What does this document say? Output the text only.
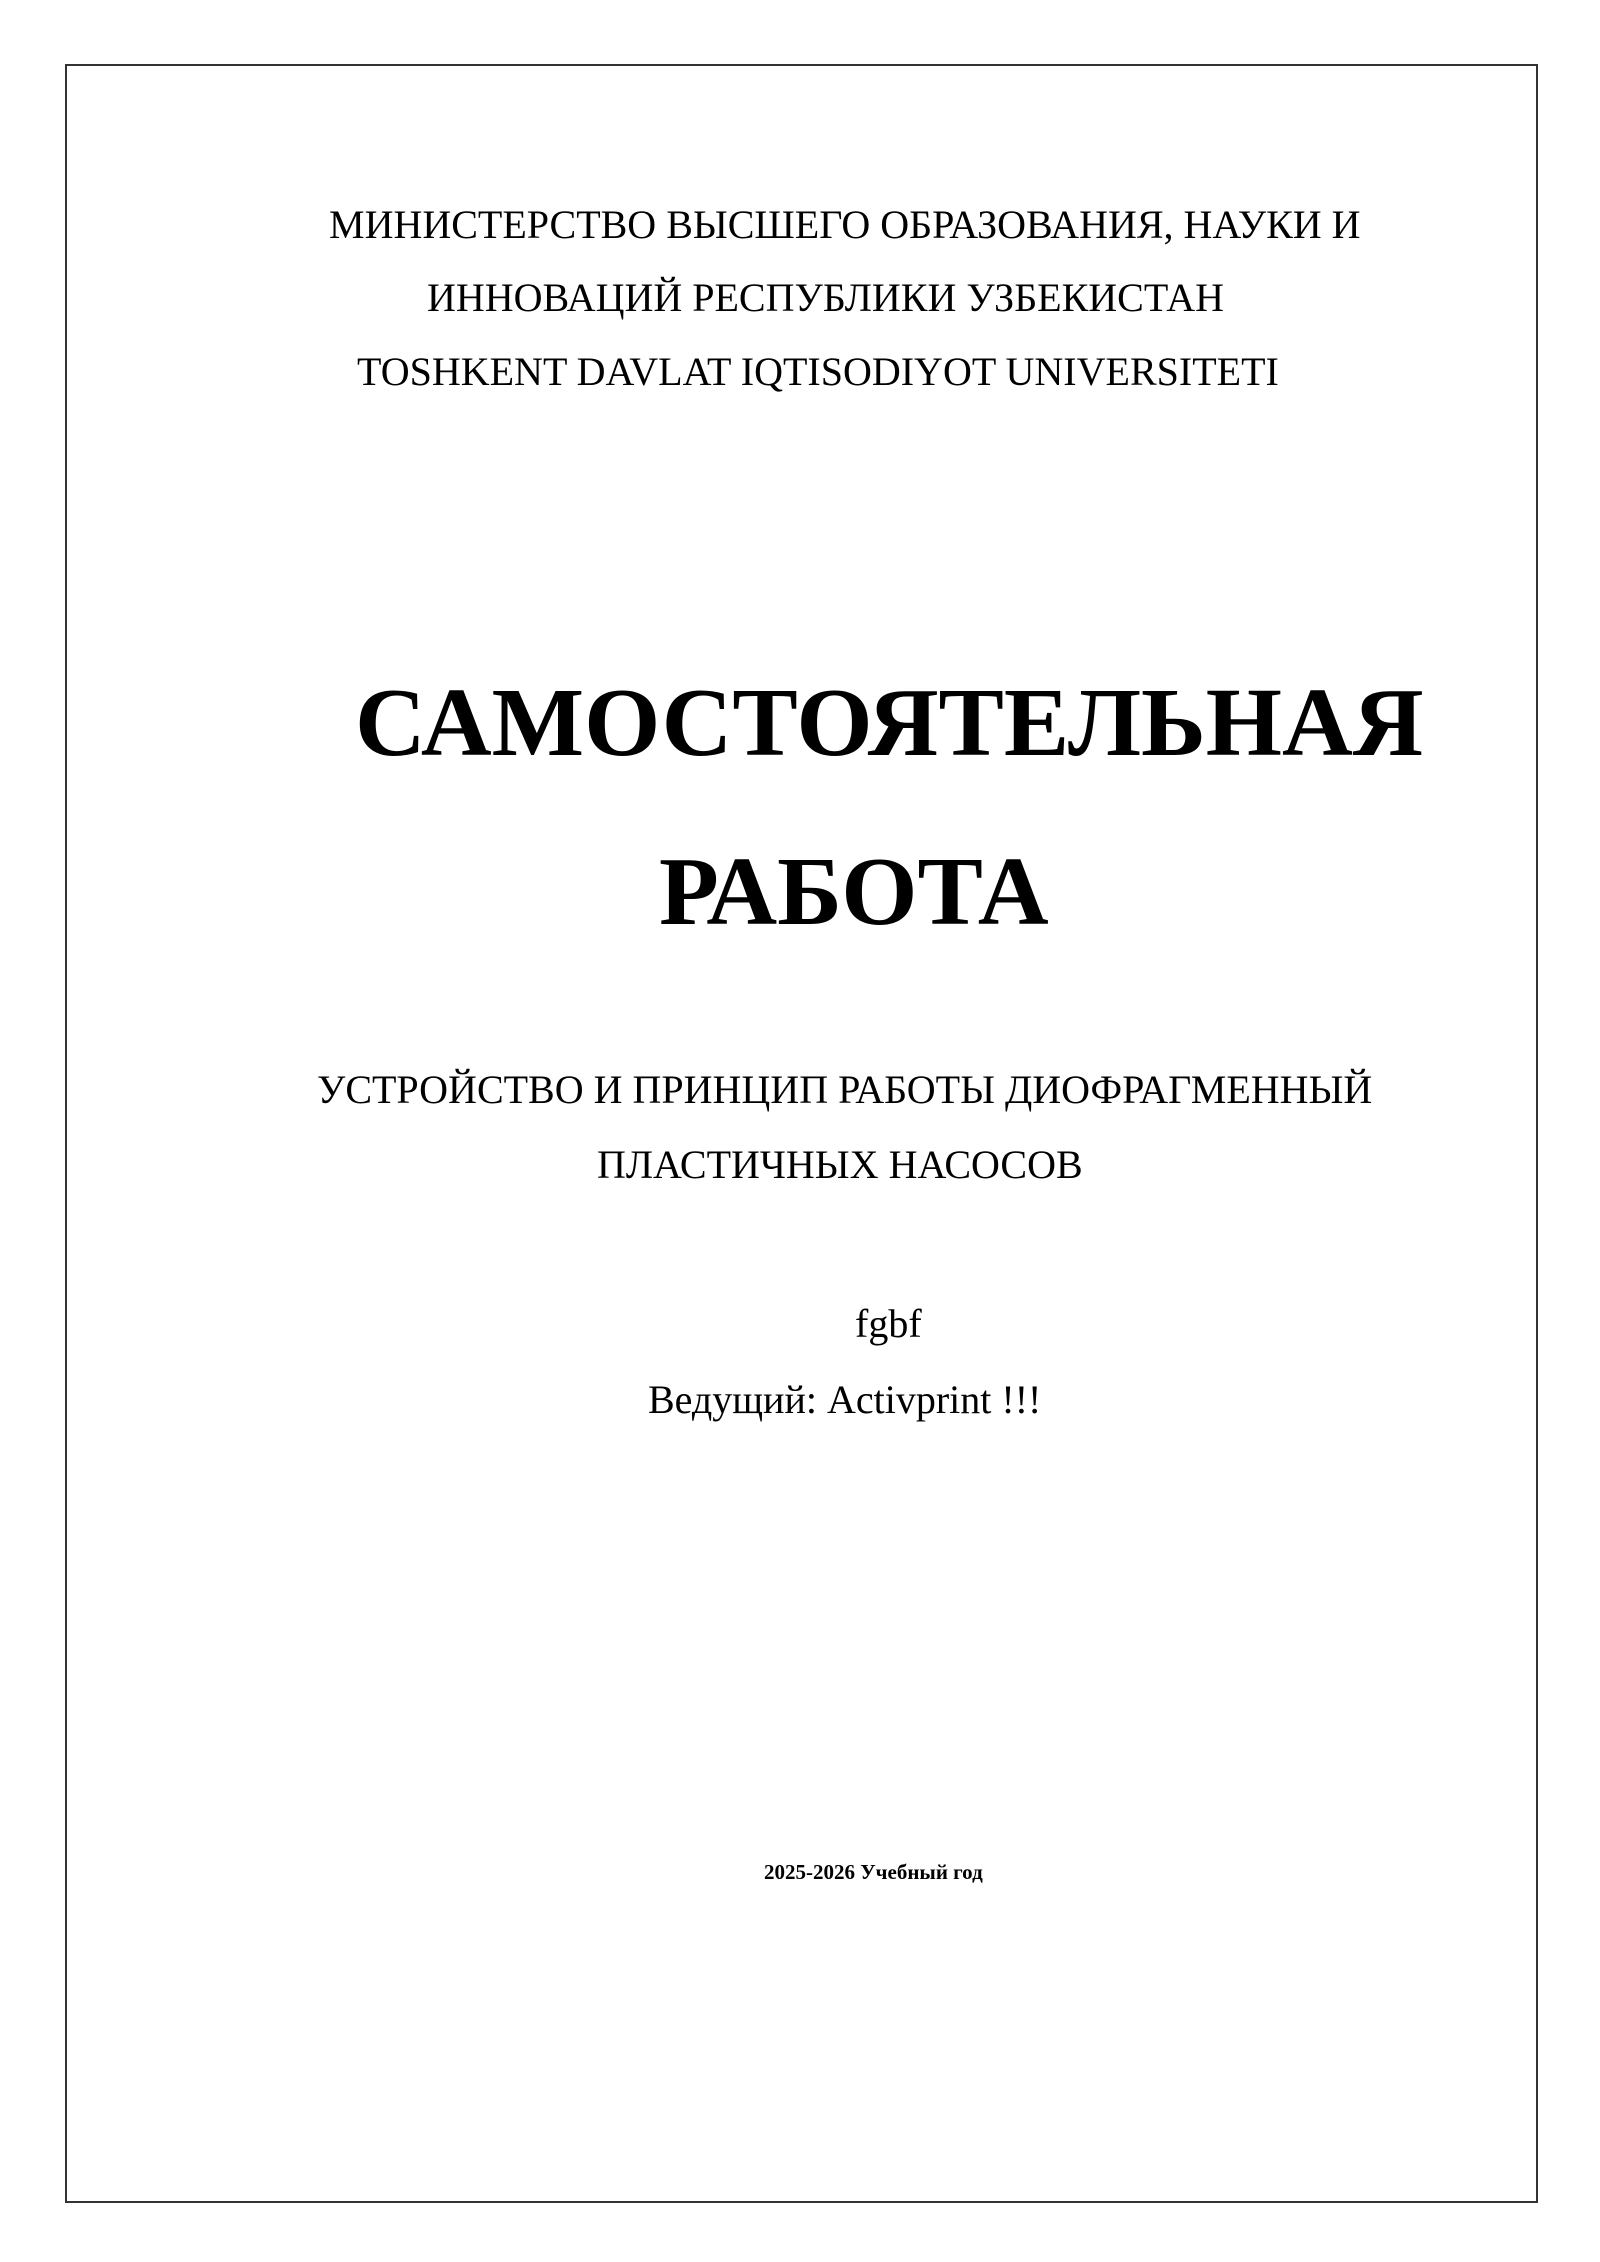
МИНИСТЕРСТВО ВЫСШЕГО ОБРАЗОВАНИЯ, НАУКИ И
ИННОВАЦИЙ РЕСПУБЛИКИ УЗБЕКИСТАН
TOSHKENT DAVLAT IQTISODIYOT UNIVERSITETI
САМОСТОЯТЕЛЬНАЯ
РАБОТА
УСТРОЙСТВО И ПРИНЦИП РАБОТЫ ДИОФРАГМЕННЫЙ
ПЛАСТИЧНЫХ НАСОСОВ
fgbf
Ведущий: Activprint !!!
2025-2026 Учебный год
